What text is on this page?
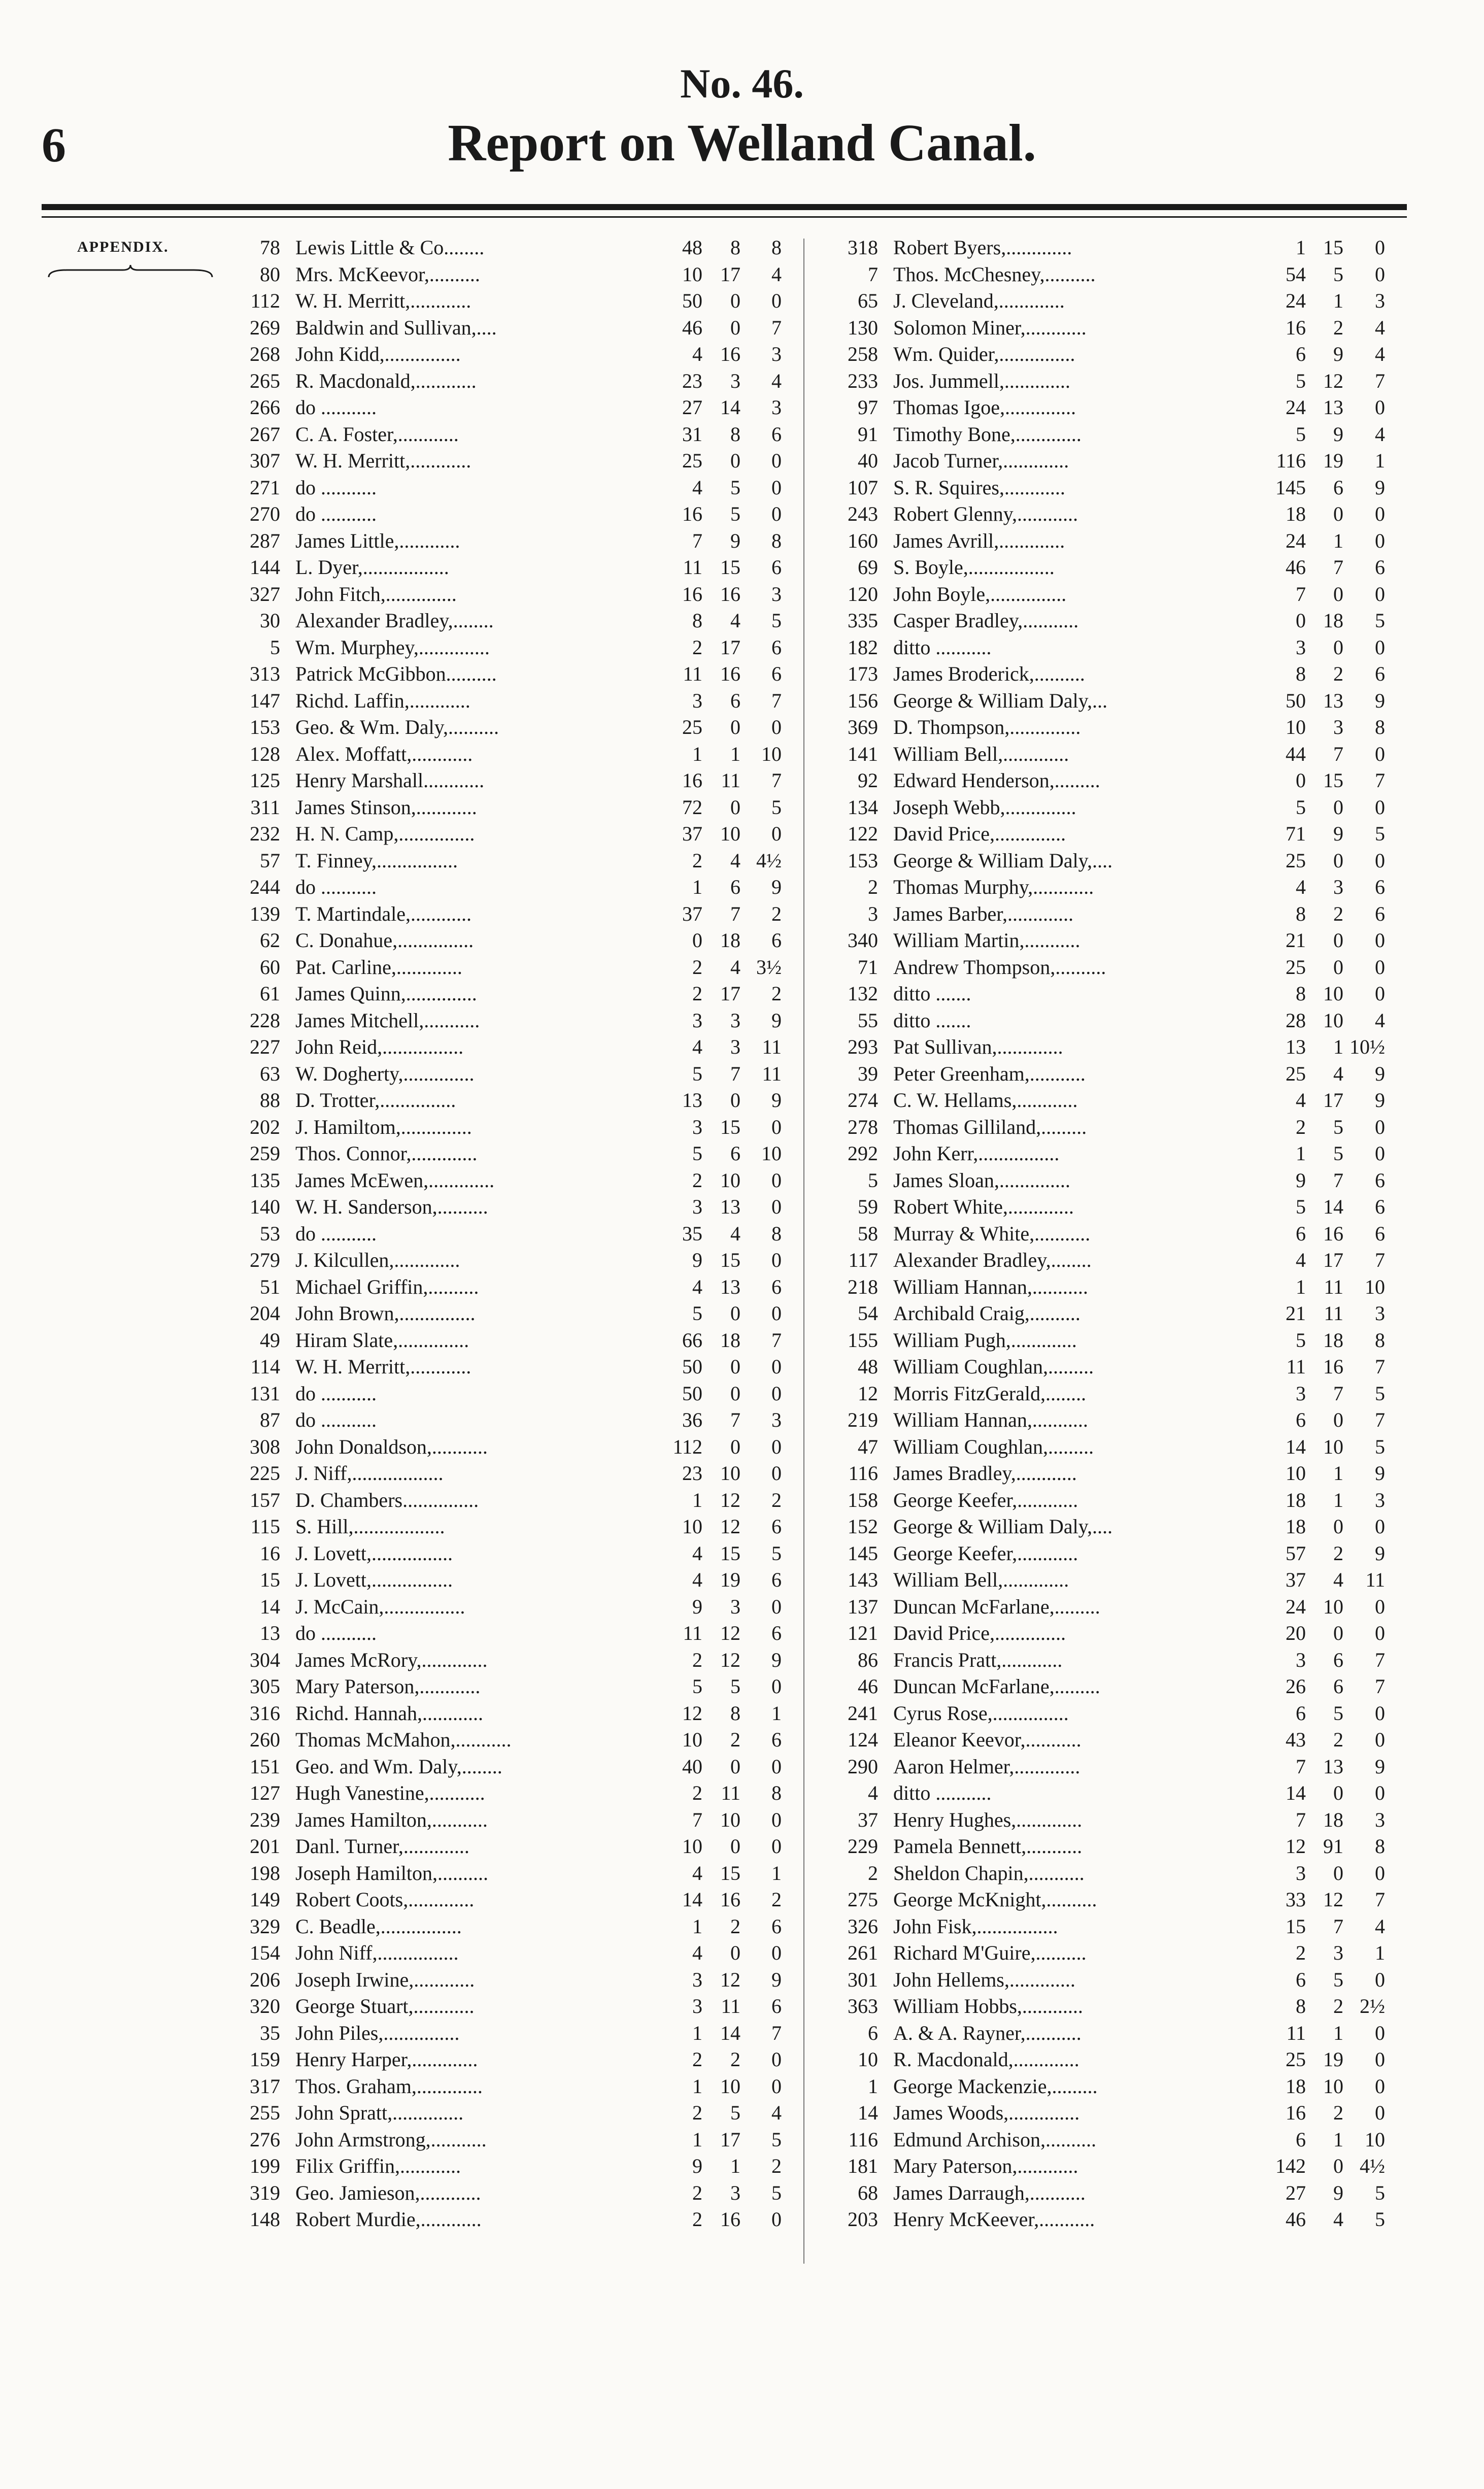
No. 46.
6	Report on Welland Canal.
APPENDIX.	78 Lewis Little & Co........	48	8	8
80 Mrs. McKeevor,..........	10 17	4
112 W. H. Merritt,............	50	0	0
269 Baldwin and Sullivan,....	46	0	7
268 John Kidd,...............	4 16	3
265 R. Macdonald,............	23	3	4
266 do ...........	27 14	3
267 C. A. Foster,............	31	8	6
307 W. H. Merritt,............	25	0	0
271 do ...........	4	5	0
270 do ...........	16	5	0
287 James Little,............	7	9	8
144 L. Dyer,.................	11 15	6
327 John Fitch,..............	16 16	3
30 Alexander Bradley,........	8	4	5
5 Wm. Murphey,..............	2 17	6
313 Patrick McGibbon..........	11 16	6
147 Richd. Laffin,............	3	6	7
153 Geo. & Wm. Daly,..........	25	0	0
128 Alex. Moffatt,............	1	1	10
125 Henry Marshall............	16 11	7
311 James Stinson,............	72	0	5
232 H. N. Camp,...............	37 10	0
57 T. Finney,................	2	4 4½
244 do ...........	1	6	9
139 T. Martindale,............	37	7	2
62 C. Donahue,...............	0 18	6
60 Pat. Carline,.............	2	4 3½
61 James Quinn,..............	2 17	2
228 James Mitchell,...........	3	3	9
227 John Reid,................	4	3	11
63 W. Dogherty,..............	5	7	11
88 D. Trotter,...............	13	0	9
202 J. Hamiltom,..............	3 15	0
259 Thos. Connor,.............	5	6	10
135 James McEwen,.............	2 10	0
140 W. H. Sanderson,..........	3 13	0
53 do ...........	35	4	8
279 J. Kilcullen,.............	9 15	0
51 Michael Griffin,..........	4 13	6
204 John Brown,...............	5	0	0
49 Hiram Slate,..............	66 18	7
114 W. H. Merritt,............	50	0	0
131 do ...........	50	0	0
87 do ...........	36	7	3
308 John Donaldson,...........	112	0	0
225 J. Niff,..................	23 10	0
157 D. Chambers...............	1 12	2
115 S. Hill,..................	10 12	6
16 J. Lovett,................	4 15	5
15 J. Lovett,................	4 19	6
14 J. McCain,................	9	3	0
13 do ...........	11 12	6
304 James McRory,.............	2 12	9
305 Mary Paterson,............	5	5	0
316 Richd. Hannah,............	12	8	1
260 Thomas McMahon,...........	10	2	6
151 Geo. and Wm. Daly,........	40	0	0
127 Hugh Vanestine,...........	2 11	8
239 James Hamilton,...........	7 10	0
201 Danl. Turner,.............	10	0	0
198 Joseph Hamilton,..........	4 15	1
149 Robert Coots,.............	14 16	2
329 C. Beadle,................	1	2	6
154 John Niff,................	4	0	0
206 Joseph Irwine,............	3 12	9
320 George Stuart,............	3 11	6
35 John Piles,...............	1 14	7
159 Henry Harper,.............	2	2	0
317 Thos. Graham,.............	1 10	0
255 John Spratt,..............	2	5	4
276 John Armstrong,...........	1 17	5
199 Filix Griffin,............	9	1	2
319 Geo. Jamieson,............	2	3	5
148 Robert Murdie,............	2 16	0
318 Robert Byers,.............	1 15	0
7 Thos. McChesney,..........	54	5	0
65 J. Cleveland,.............	24	1	3
130 Solomon Miner,............	16	2	4
258 Wm. Quider,...............	6	9	4
233 Jos. Jummell,.............	5 12	7
97 Thomas Igoe,..............	24 13	0
91 Timothy Bone,.............	5	9	4
40 Jacob Turner,.............	116 19	1
107 S. R. Squires,............	145	6	9
243 Robert Glenny,............	18	0	0
160 James Avrill,.............	24	1	0
69 S. Boyle,.................	46	7	6
120 John Boyle,...............	7	0	0
335 Casper Bradley,...........	0 18	5
182 ditto ...........	3	0	0
173 James Broderick,..........	8	2	6
156 George & William Daly,...	50 13	9
369 D. Thompson,..............	10	3	8
141 William Bell,.............	44	7	0
92 Edward Henderson,.........	0 15	7
134 Joseph Webb,..............	5	0	0
122 David Price,..............	71	9	5
153 George & William Daly,....	25	0	0
2 Thomas Murphy,............	4	3	6
3 James Barber,.............	8	2	6
340 William Martin,...........	21	0	0
71 Andrew Thompson,..........	25	0	0
132 ditto .......	8 10	0
55 ditto .......	28 10	4
293 Pat Sullivan,.............	13	1 10½
39 Peter Greenham,...........	25	4	9
274 C. W. Hellams,............	4 17	9
278 Thomas Gilliland,.........	2	5	0
292 John Kerr,................	1	5	0
5 James Sloan,..............	9	7	6
59 Robert White,.............	5 14	6
58 Murray & White,...........	6 16	6
117 Alexander Bradley,........	4 17	7
218 William Hannan,...........	1 11	10
54 Archibald Craig,..........	21 11	3
155 William Pugh,.............	5 18	8
48 William Coughlan,.........	11 16	7
12 Morris FitzGerald,........	3	7	5
219 William Hannan,...........	6	0	7
47 William Coughlan,.........	14 10	5
116 James Bradley,............	10	1	9
158 George Keefer,............	18	1	3
152 George & William Daly,....	18	0	0
145 George Keefer,............	57	2	9
143 William Bell,.............	37	4	11
137 Duncan McFarlane,.........	24 10	0
121 David Price,..............	20	0	0
86 Francis Pratt,............	3	6	7
46 Duncan McFarlane,.........	26	6	7
241 Cyrus Rose,...............	6	5	0
124 Eleanor Keevor,...........	43	2	0
290 Aaron Helmer,.............	7 13	9
4 ditto ...........	14	0	0
37 Henry Hughes,.............	7 18	3
229 Pamela Bennett,...........	12 91	8
2 Sheldon Chapin,...........	3	0	0
275 George McKnight,..........	33 12	7
326 John Fisk,................	15	7	4
261 Richard M'Guire,..........	2	3	1
301 John Hellems,.............	6	5	0
363 William Hobbs,............	8	2 2½
6 A. & A. Rayner,...........	11	1	0
10 R. Macdonald,.............	25 19	0
1 George Mackenzie,.........	18 10	0
14 James Woods,..............	16	2	0
116 Edmund Archison,..........	6	1	10
181 Mary Paterson,............	142	0 4½
68 James Darraugh,...........	27	9	5
203 Henry McKeever,...........	46	4	5
